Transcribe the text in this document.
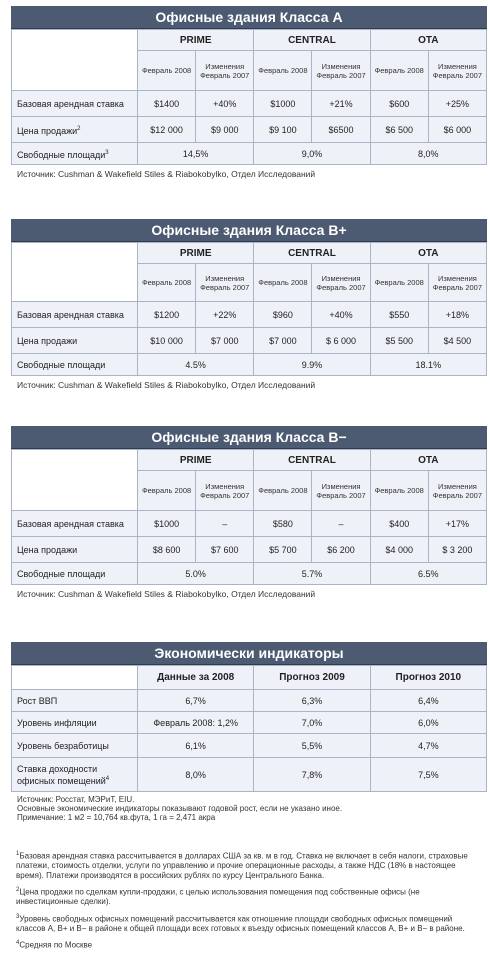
Офисные здания Класса А
	PRIME		CENTRAL		OTA	
	Февраль 2008	Изменения Февраль 2007	Февраль 2008	Изменения Февраль 2007	Февраль 2008	Изменения Февраль 2007
Базовая арендная ставка	$1400	+40%	$1000	+21%	$600	+25%
Цена продажи$^2$	$12 000	$9 000	$9 100	$6500	$6 500	$6 000
Свободные площади$^3$	14,5%		9,0%		8,0%	
Источник: Cushman & Wakefield Stiles & Riabokobylko, Отдел Исследований
Офисные здания Класса В+
	PRIME		CENTRAL		OTA	
	Февраль 2008	Изменения Февраль 2007	Февраль 2008	Изменения Февраль 2007	Февраль 2008	Изменения Февраль 2007
Базовая арендная ставка	$1200	+22%	$960	+40%	$550	+18%
Цена продажи	$10 000	$7 000	$7 000	$ 6 000	$5 500	$4 500
Свободные площади	4.5%		9.9%		18.1%	
Источник: Cushman & Wakefield Stiles & Riabokobylko, Отдел Исследований
Офисные здания Класса В−
	PRIME		CENTRAL		OTA	
	Февраль 2008	Изменения Февраль 2007	Февраль 2008	Изменения Февраль 2007	Февраль 2008	Изменения Февраль 2007
Базовая арендная ставка	$1000	–	$580	–	$400	+17%
Цена продажи	$8 600	$7 600	$5 700	$6 200	$4 000	$ 3 200
Свободные площади	5.0%		5.7%		6.5%	
Источник: Cushman & Wakefield Stiles & Riabokobylko, Отдел Исследований
Экономически индикаторы
	Данные за 2008	Прогноз 2009	Прогноз 2010
Рост ВВП	6,7%	6,3%	6,4%
Уровень инфляции	Февраль 2008: 1,2%	7,0%	6,0%
Уровень безработицы	6,1%	5,5%	4,7%
Ставка доходности офисных помещений$^4$	8,0%	7,8%	7,5%
Источник: Росстат, МЭРиТ, EIU.
Основные экономические индикаторы показывают годовой рост, если не указано иное.
Примечание: 1 м2 = 10,764 кв.фута, 1 га = 2,471 акра

$^1$Базовая арендная ставка рассчитывается в долларах США за кв. м в год. Ставка не включает в себя налоги, страховые платежи, стоимость отделки, услуги по управлению и прочие операционные расходы, а также НДС (18% в настоящее время). Платежи производятся в российских рублях по курсу Центрального Банка.

$^2$Цена продажи по сделкам купли-продажи, с целью использования помещения под собственные офисы (не инвестиционные сделки).

$^3$Уровень свободных офисных помещений рассчитывается как отношение площади свободных офисных помещений классов А, В+ и В− в районе к общей площади всех готовых к въезду офисных помещений классов А, В+ и В− в районе.

$^4$Средняя по Москве
